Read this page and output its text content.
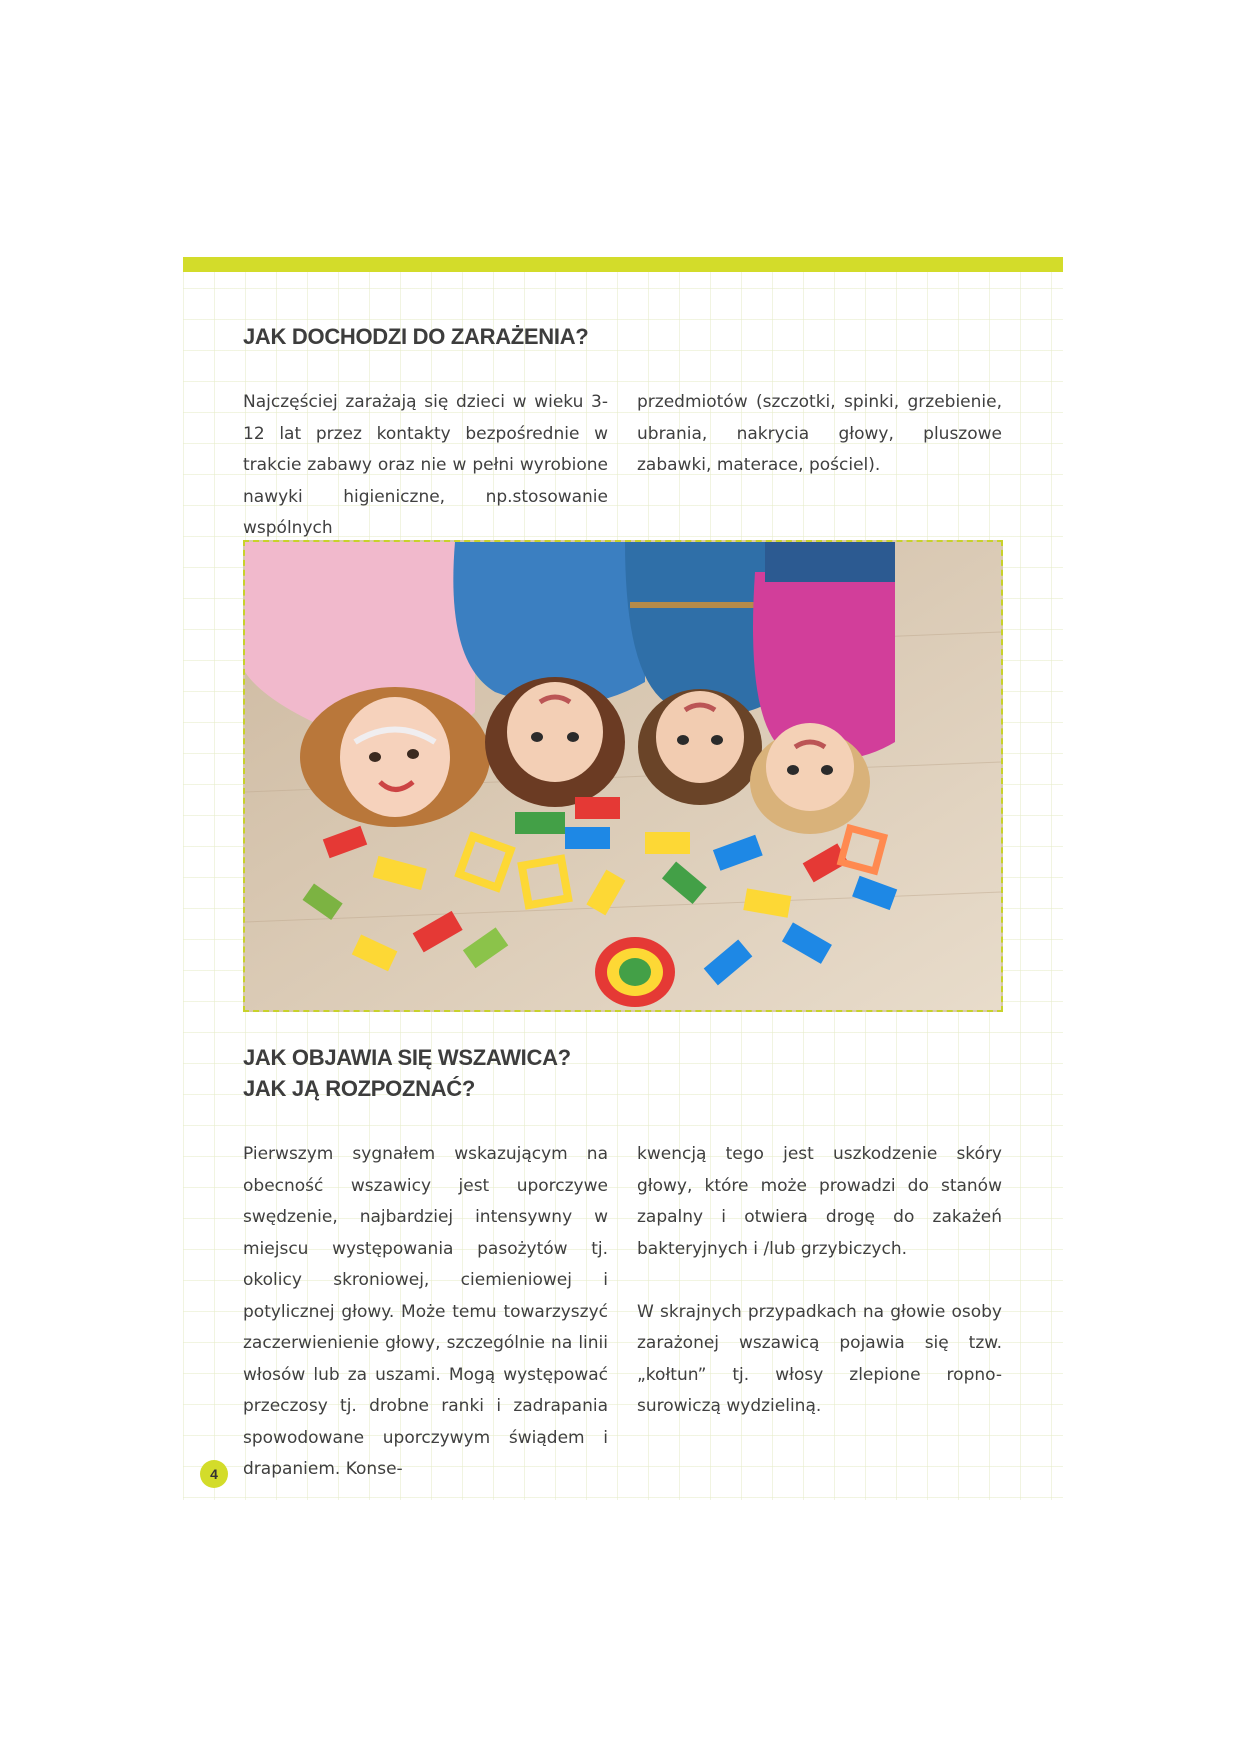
JAK DOCHODZI DO ZARAŻENIA?

Najczęściej zarażają się dzieci w wieku 3-12 lat przez kontakty bezpośrednie w trakcie zabawy oraz nie w pełni wyrobione nawyki higieniczne, np.stosowanie wspólnych

przedmiotów (szczotki, spinki, grzebienie, ubrania, nakrycia głowy, pluszowe zabawki, materace, pościel).

JAK OBJAWIA SIĘ WSZAWICA?
JAK JĄ ROZPOZNAĆ?

Pierwszym sygnałem wskazującym na obecność wszawicy jest uporczywe swędzenie, najbardziej intensywny w miejscu występowania pasożytów tj. okolicy skroniowej, ciemieniowej i potylicznej głowy. Może temu towarzyszyć zaczerwienienie głowy, szczególnie na linii włosów lub za uszami. Mogą występować przeczosy tj. drobne ranki i zadrapania spowodowane uporczywym świądem i drapaniem. Konse-

kwencją tego jest uszkodzenie skóry głowy, które może prowadzi do stanów zapalny i otwiera drogę do zakażeń bakteryjnych i /lub grzybiczych.

W skrajnych przypadkach na głowie osoby zarażonej wszawicą pojawia się tzw. „kołtun” tj. włosy zlepione ropno-surowiczą wydzieliną.

4
